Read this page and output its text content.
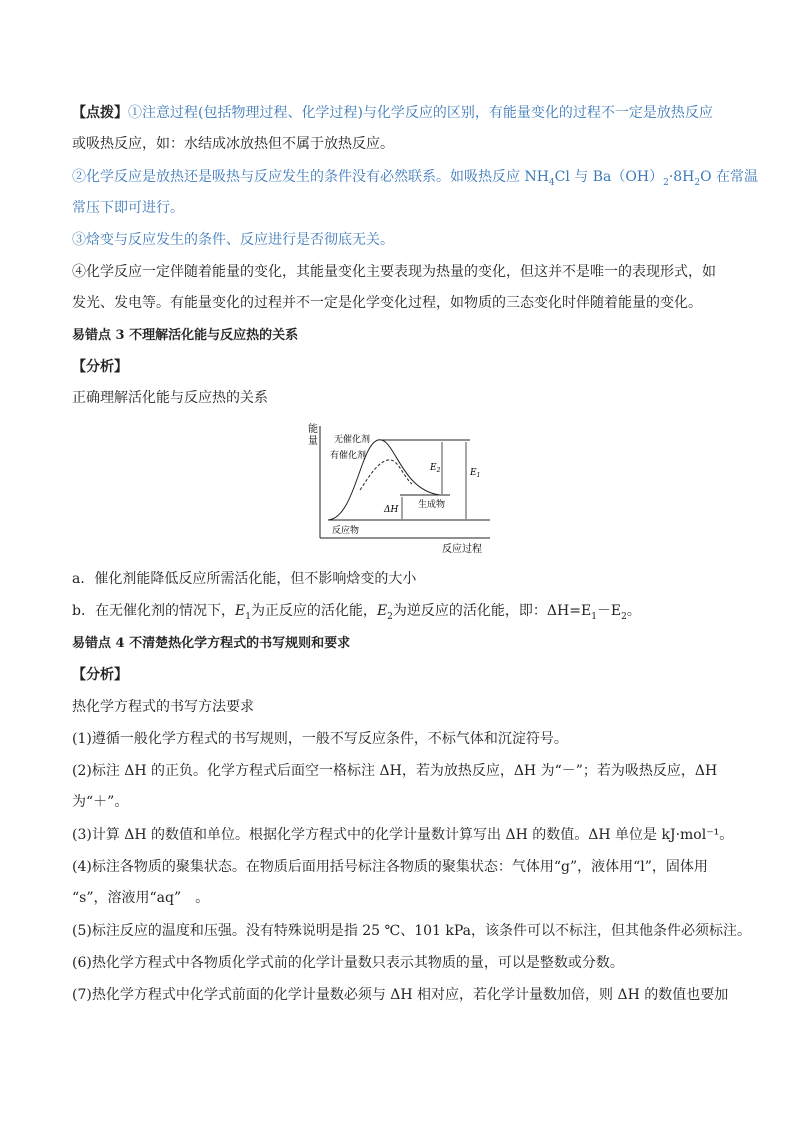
【点拨】①注意过程(包括物理过程、化学过程)与化学反应的区别，有能量变化的过程不一定是放热反应
或吸热反应，如：水结成冰放热但不属于放热反应。
②化学反应是放热还是吸热与反应发生的条件没有必然联系。如吸热反应 $NH_4Cl$ 与 $Ba(OH)_2\cdot 8H_2O$ 在常温
常压下即可进行。
③焓变与反应发生的条件、反应进行是否彻底无关。
④化学反应一定伴随着能量的变化，其能量变化主要表现为热量的变化，但这并不是唯一的表现形式，如
发光、发电等。有能量变化的过程并不一定是化学变化过程，如物质的三态变化时伴随着能量的变化。
易错点 3 不理解活化能与反应热的关系
【分析】
正确理解活化能与反应热的关系
能
量
反应过程
无催化剂
有催化剂
反应物
生成物
ΔH
$E_2$	$E_1$
a．催化剂能降低反应所需活化能，但不影响焓变的大小
b．在无催化剂的情况下，$E_1$为正反应的活化能，$E_2$为逆反应的活化能，即：$\Delta H=E_1-E_2$。
易错点 4 不清楚热化学方程式的书写规则和要求
【分析】
热化学方程式的书写方法要求
(1)遵循一般化学方程式的书写规则，一般不写反应条件，不标气体和沉淀符号。
(2)标注 ΔH 的正负。化学方程式后面空一格标注 ΔH，若为放热反应，ΔH 为“－”；若为吸热反应，ΔH
为“＋”。
(3)计算 ΔH 的数值和单位。根据化学方程式中的化学计量数计算写出 ΔH 的数值。ΔH 单位是 kJ·mol⁻¹。
(4)标注各物质的聚集状态。在物质后面用括号标注各物质的聚集状态：气体用“g”，液体用“l”，固体用
“s”，溶液用“aq”　。
(5)标注反应的温度和压强。没有特殊说明是指 25 ℃、101 kPa，该条件可以不标注，但其他条件必须标注。
(6)热化学方程式中各物质化学式前的化学计量数只表示其物质的量，可以是整数或分数。
(7)热化学方程式中化学式前面的化学计量数必须与 ΔH 相对应，若化学计量数加倍，则 ΔH 的数值也要加
